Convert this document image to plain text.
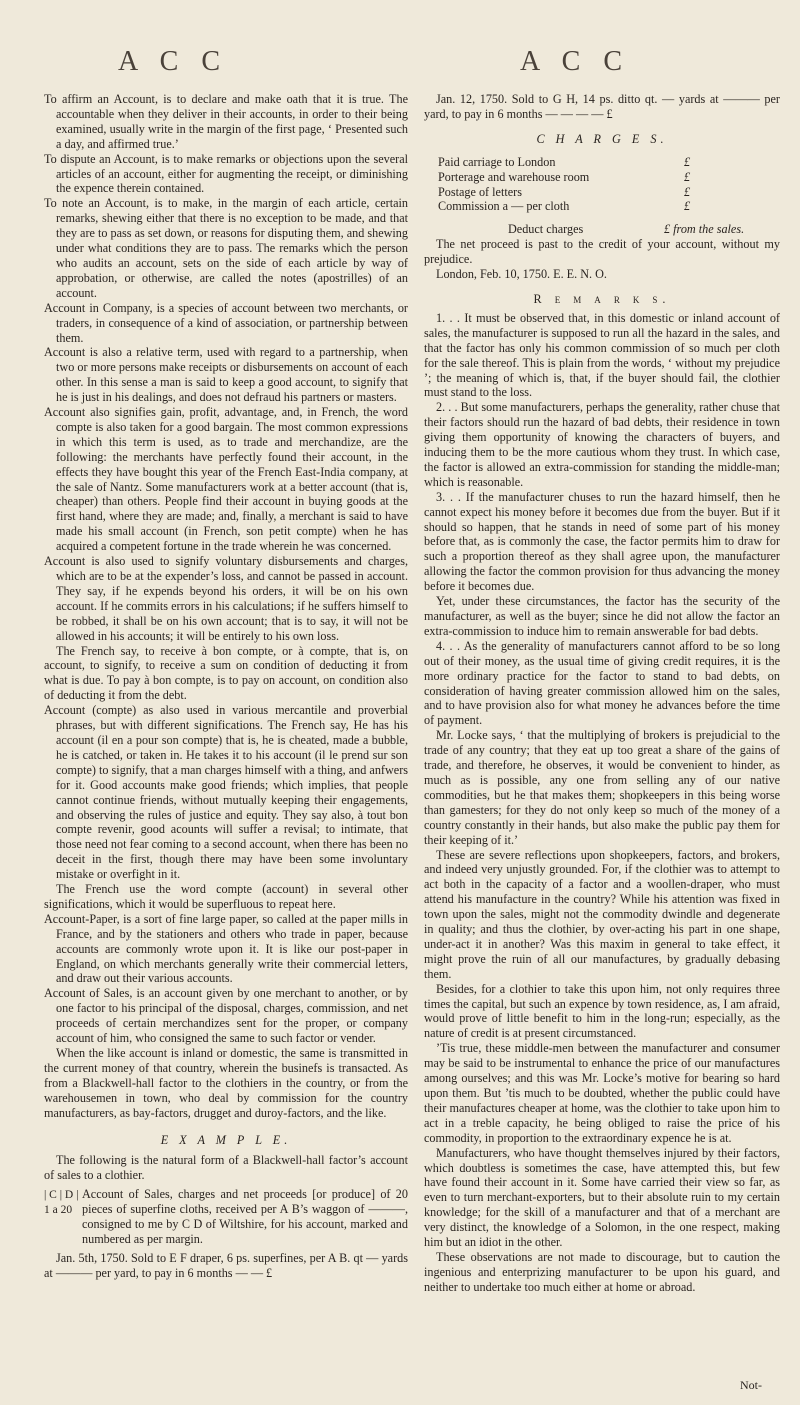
A C C	A C C

To affirm an Account, is to declare and make oath that it is true. The accountable when they deliver in their accounts, in order to their being examined, usually write in the margin of the first page, ‘ Presented such a day, and affirmed true.’

To dispute an Account, is to make remarks or objections upon the several articles of an account, either for augmenting the receipt, or diminishing the expence therein contained.

To note an Account, is to make, in the margin of each article, certain remarks, shewing either that there is no exception to be made, and that they are to pass as set down, or reasons for disputing them, and shewing under what conditions they are to pass. The remarks which the person who audits an account, sets on the side of each article by way of approbation, or otherwise, are called the notes (apostrilles) of an account.

Account in Company, is a species of account between two merchants, or traders, in consequence of a kind of association, or partnership between them.

Account is also a relative term, used with regard to a partnership, when two or more persons make receipts or disbursements on account of each other. In this sense a man is said to keep a good account, to signify that he is just in his dealings, and does not defraud his partners or masters.

Account also signifies gain, profit, advantage, and, in French, the word compte is also taken for a good bargain. The most common expressions in which this term is used, as to trade and merchandize, are the following: the merchants have perfectly found their account, in the effects they have bought this year of the French East-India company, at the sale of Nantz. Some manufacturers work at a better account (that is, cheaper) than others. People find their account in buying goods at the first hand, where they are made; and, finally, a merchant is said to have made his small account (in French, son petit compte) when he has acquired a competent fortune in the trade wherein he was concerned.

Account is also used to signify voluntary disbursements and charges, which are to be at the expender’s loss, and cannot be passed in account. They say, if he expends beyond his orders, it will be on his own account. If he commits errors in his calculations; if he suffers himself to be robbed, it shall be on his own account; that is to say, it will not be allowed in his accounts; it will be entirely to his own loss.

The French say, to receive à bon compte, or à compte, that is, on account, to signify, to receive a sum on condition of deducting it from what is due. To pay à bon compte, is to pay on account, on condition also of deducting it from the debt.

Account (compte) as also used in various mercantile and proverbial phrases, but with different significations. The French say, He has his account (il en a pour son compte) that is, he is cheated, made a bubble, he is catched, or taken in. He takes it to his account (il le prend sur son compte) to signify, that a man charges himself with a thing, and anfwers for it. Good accounts make good friends; which implies, that people cannot continue friends, without mutually keeping their engagements, and observing the rules of justice and equity. They say also, à tout bon compte revenir, good acounts will suffer a revisal; to intimate, that those need not fear coming to a second account, when there has been no deceit in the first, though there may have been some involuntary mistake or overfight in it.

The French use the word compte (account) in several other significations, which it would be superfluous to repeat here.

Account-Paper, is a sort of fine large paper, so called at the paper mills in France, and by the stationers and others who trade in paper, because accounts are commonly wrote upon it. It is like our post-paper in England, on which merchants generally write their commercial letters, and draw out their various accounts.

Account of Sales, is an account given by one merchant to another, or by one factor to his principal of the disposal, charges, commission, and net proceeds of certain merchandizes sent for the proper, or company account of him, who consigned the same to such factor or vender.

When the like account is inland or domestic, the same is transmitted in the current money of that country, wherein the businefs is transacted. As from a Blackwell-hall factor to the clothiers in the country, or from the warehousemen in town, who deal by commission for the country manufacturers, as bay-factors, drugget and duroy-factors, and the like.

E X A M P L E.

The following is the natural form of a Blackwell-hall factor’s account of sales to a clothier.

| C | D |
1 a 20

Account of Sales, charges and net proceeds [or produce] of 20 pieces of superfine cloths, received per A B’s waggon of ———, consigned to me by C D of Wiltshire, for his account, marked and numbered as per margin.

Jan. 5th, 1750. Sold to E F draper, 6 ps. superfines, per A B. qt — yards at ——— per yard, to pay in 6 months — — £

Jan. 12, 1750. Sold to G H, 14 ps. ditto qt. — yards at ——— per yard, to pay in 6 months — — — — £

C H A R G E S.

Paid carriage to London	£
Porterage and warehouse room	£
Postage of letters	£
Commission a — per cloth	£
Deduct charges	£ from the sales.

The net proceed is past to the credit of your account, without my prejudice.

London, Feb. 10, 1750. E. E. N. O.

R e m a r k s.

1. . . It must be observed that, in this domestic or inland account of sales, the manufacturer is supposed to run all the hazard in the sales, and that the factor has only his common commission of so much per cloth for the sale thereof. This is plain from the words, ‘ without my prejudice ’; the meaning of which is, that, if the buyer should fail, the clothier must stand to the loss.

2. . . But some manufacturers, perhaps the generality, rather chuse that their factors should run the hazard of bad debts, their residence in town giving them opportunity of knowing the characters of buyers, and inducing them to be the more cautious whom they trust. In which case, the factor is allowed an extra-commission for standing the middle-man; which is reasonable.

3. . . If the manufacturer chuses to run the hazard himself, then he cannot expect his money before it becomes due from the buyer. But if it should so happen, that he stands in need of some part of his money before that, as is commonly the case, the factor permits him to draw for such a proportion thereof as they shall agree upon, the manufacturer allowing the factor the common provision for thus advancing the money before it becomes due.

Yet, under these circumstances, the factor has the security of the manufacturer, as well as the buyer; since he did not allow the factor an extra-commission to induce him to remain answerable for bad debts.

4. . . As the generality of manufacturers cannot afford to be so long out of their money, as the usual time of giving credit requires, it is the more ordinary practice for the factor to stand to bad debts, on consideration of having greater commission allowed him on the sales, and to have provision also for what money he advances before the time of payment.

Mr. Locke says, ‘ that the multiplying of brokers is prejudicial to the trade of any country; that they eat up too great a share of the gains of trade, and therefore, he observes, it would be convenient to hinder, as much as is possible, any one from selling any of our native commodities, but he that makes them; shopkeepers in this being worse than gamesters; for they do not only keep so much of the money of a country constantly in their hands, but also make the public pay them for their keeping of it.’

These are severe reflections upon shopkeepers, factors, and brokers, and indeed very unjustly grounded. For, if the clothier was to attempt to act both in the capacity of a factor and a woollen-draper, who must attend his manufacture in the country? While his attention was fixed in town upon the sales, might not the commodity dwindle and degenerate in quality; and thus the clothier, by over-acting his part in one shape, under-act it in another? Was this maxim in general to take effect, it might prove the ruin of all our manufactures, by gradually debasing them.

Besides, for a clothier to take this upon him, not only requires three times the capital, but such an expence by town residence, as, I am afraid, would prove of little benefit to him in the long-run; especially, as the nature of credit is at present circumstanced.

’Tis true, these middle-men between the manufacturer and consumer may be said to be instrumental to enhance the price of our manufactures among ourselves; and this was Mr. Locke’s motive for bearing so hard upon them. But ’tis much to be doubted, whether the public could have their manufactures cheaper at home, was the clothier to take upon him to act in a treble capacity, he being obliged to raise the price of his commodity, in proportion to the extraordinary expence he is at.

Manufacturers, who have thought themselves injured by their factors, which doubtless is sometimes the case, have attempted this, but few have found their account in it. Some have carried their view so far, as even to turn merchant-exporters, but to their absolute ruin to my certain knowledge; for the skill of a manufacturer and that of a merchant are very distinct, the knowledge of a Solomon, in the one respect, making him but an idiot in the other.

These observations are not made to discourage, but to caution the ingenious and enterprizing manufacturer to be upon his guard, and neither to undertake too much either at home or abroad.

Not-
